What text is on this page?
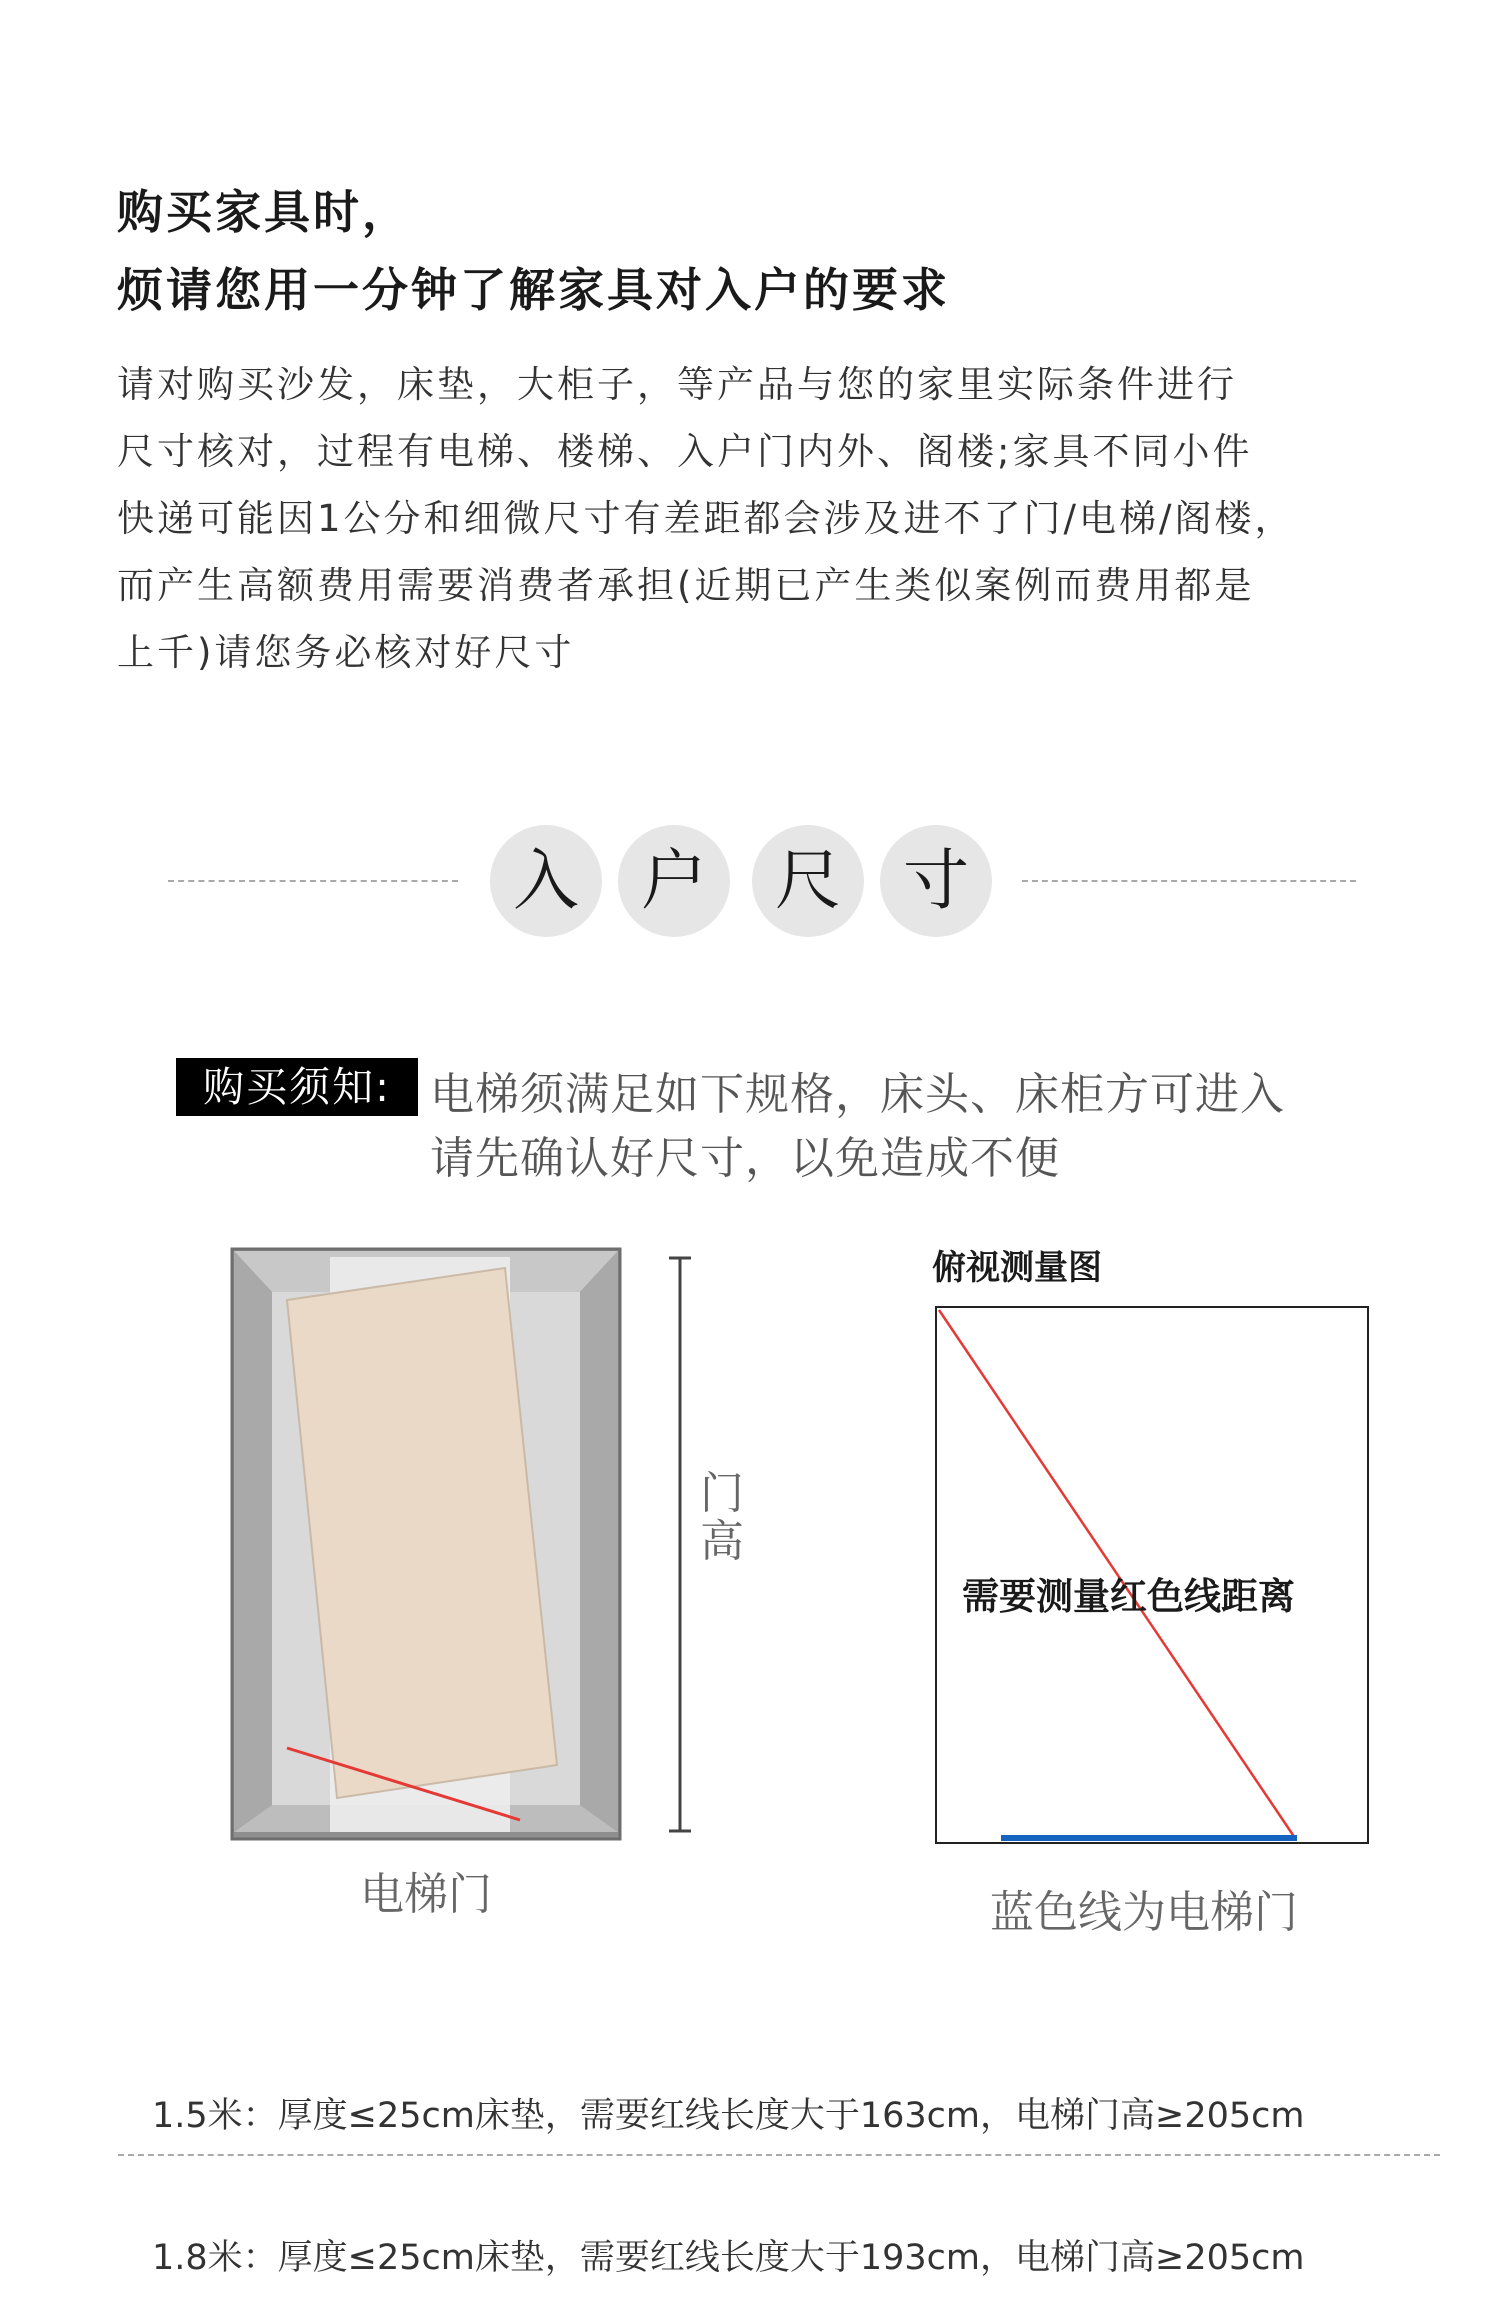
购买家具时，
烦请您用一分钟了解家具对入户的要求
请对购买沙发，床垫，大柜子，等产品与您的家里实际条件进行
尺寸核对，过程有电梯、楼梯、入户门内外、阁楼;家具不同小件
快递可能因1公分和细微尺寸有差距都会涉及进不了门/电梯/阁楼，
而产生高额费用需要消费者承担(近期已产生类似案例而费用都是
上千)请您务必核对好尺寸
入 户	尺 寸
购买须知: 电梯须满足如下规格，床头、床柜方可进入
请先确认好尺寸，以免造成不便
门
高
电梯门
俯视测量图
需要测量红色线距离
蓝色线为电梯门
1.5米：厚度≤25cm床垫，需要红线长度大于163cm，电梯门高≥205cm
1.8米：厚度≤25cm床垫，需要红线长度大于193cm，电梯门高≥205cm
